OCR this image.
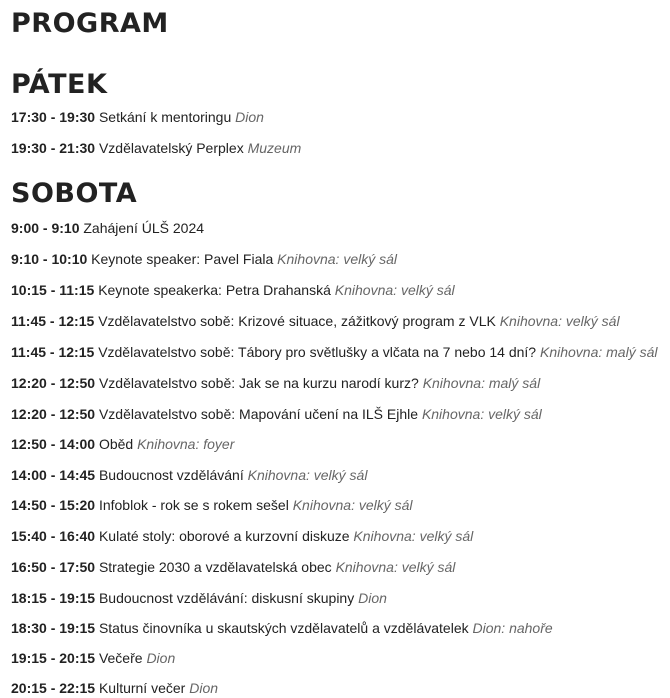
PROGRAM
PÁTEK
17:30 - 19:30 Setkání k mentoringu Dion
19:30 - 21:30 Vzdělavatelský Perplex Muzeum
SOBOTA
9:00 - 9:10 Zahájení ÚLŠ 2024
9:10 - 10:10 Keynote speaker: Pavel Fiala Knihovna: velký sál
10:15 - 11:15 Keynote speakerka: Petra Drahanská Knihovna: velký sál
11:45 - 12:15 Vzdělavatelstvo sobě: Krizové situace, zážitkový program z VLK Knihovna: velký sál
11:45 - 12:15 Vzdělavatelstvo sobě: Tábory pro světlušky a vlčata na 7 nebo 14 dní? Knihovna: malý sál
12:20 - 12:50 Vzdělavatelstvo sobě: Jak se na kurzu narodí kurz? Knihovna: malý sál
12:20 - 12:50 Vzdělavatelstvo sobě: Mapování učení na ILŠ Ejhle Knihovna: velký sál
12:50 - 14:00 Oběd Knihovna: foyer
14:00 - 14:45 Budoucnost vzdělávání Knihovna: velký sál
14:50 - 15:20 Infoblok - rok se s rokem sešel Knihovna: velký sál
15:40 - 16:40 Kulaté stoly: oborové a kurzovní diskuze Knihovna: velký sál
16:50 - 17:50 Strategie 2030 a vzdělavatelská obec Knihovna: velký sál
18:15 - 19:15 Budoucnost vzdělávání: diskusní skupiny Dion
18:30 - 19:15 Status činovníka u skautských vzdělavatelů a vzdělávatelek Dion: nahoře
19:15 - 20:15 Večeře Dion
20:15 - 22:15 Kulturní večer Dion
